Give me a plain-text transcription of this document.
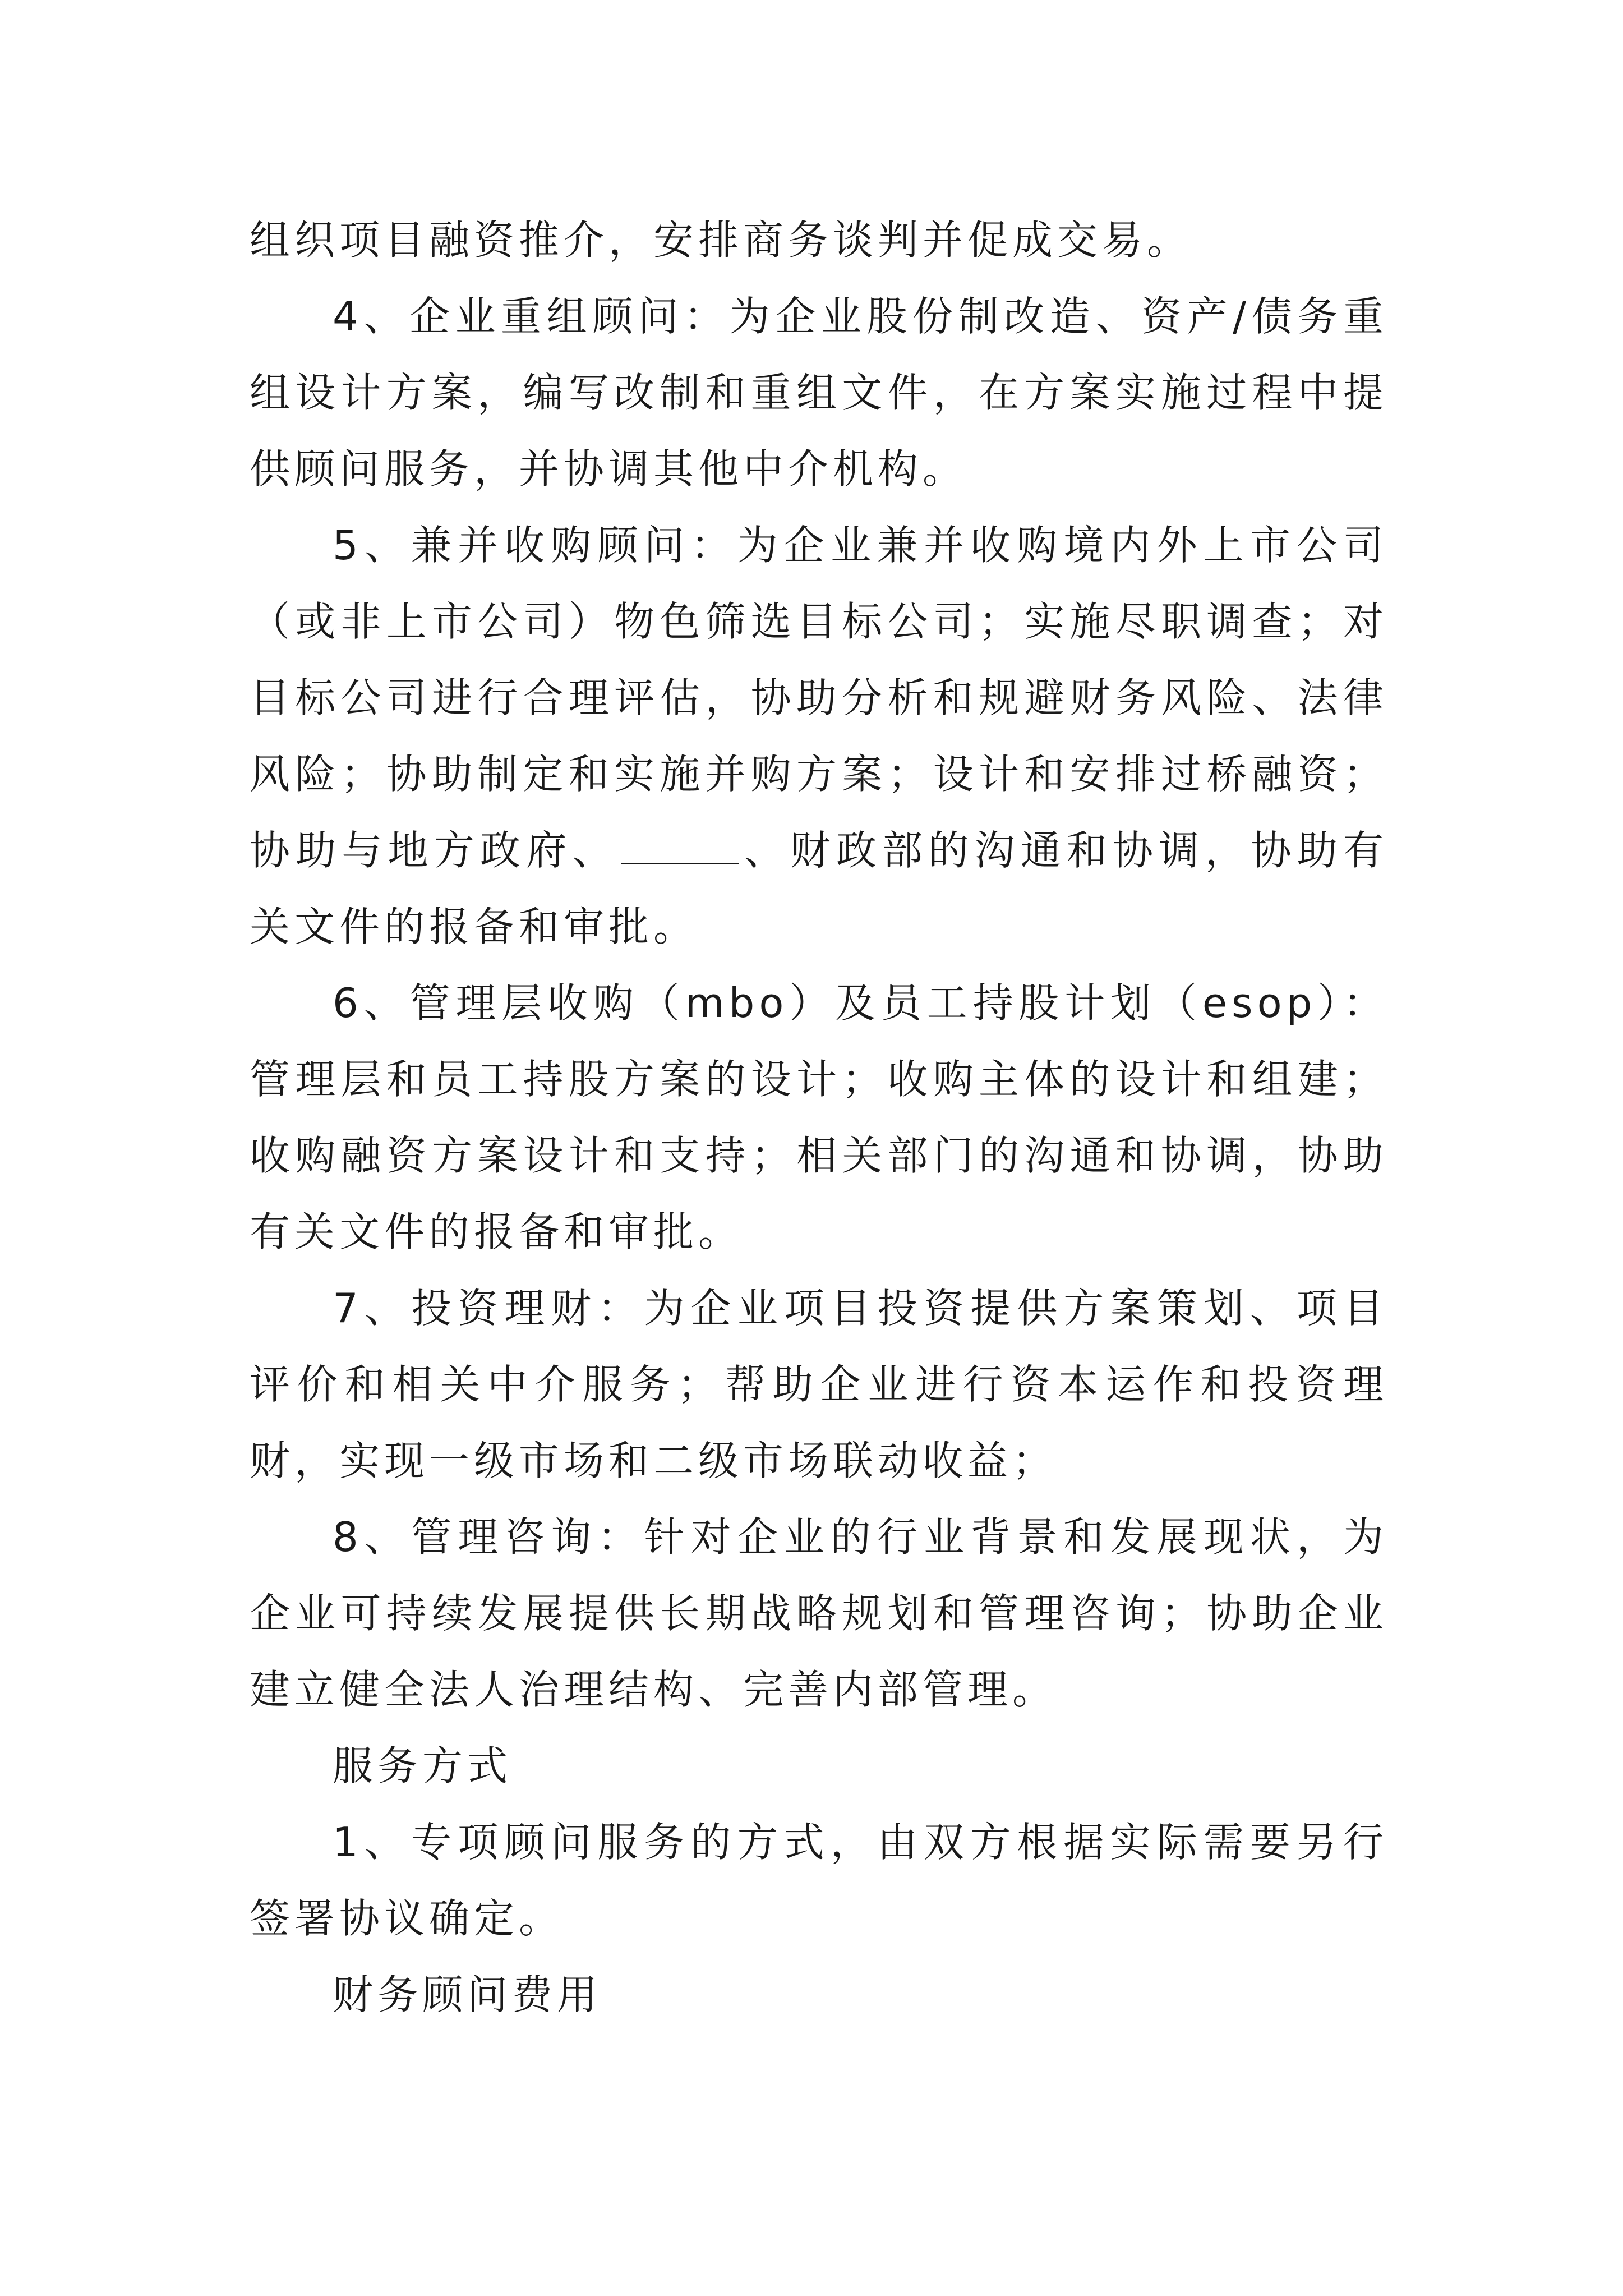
组织项目融资推介，安排商务谈判并促成交易。

4、企业重组顾问：为企业股份制改造、资产/债务重组设计方案，编写改制和重组文件，在方案实施过程中提供顾问服务，并协调其他中介机构。

5、兼并收购顾问：为企业兼并收购境内外上市公司（或非上市公司）物色筛选目标公司；实施尽职调查；对目标公司进行合理评估，协助分析和规避财务风险、法律风险；协助制定和实施并购方案；设计和安排过桥融资；协助与地方政府、	、财政部的沟通和协调，协助有关文件的报备和审批。

6、管理层收购（mbo）及员工持股计划（esop）：管理层和员工持股方案的设计；收购主体的设计和组建；收购融资方案设计和支持；相关部门的沟通和协调，协助有关文件的报备和审批。

7、投资理财：为企业项目投资提供方案策划、项目评价和相关中介服务；帮助企业进行资本运作和投资理财，实现一级市场和二级市场联动收益；

8、管理咨询：针对企业的行业背景和发展现状，为企业可持续发展提供长期战略规划和管理咨询；协助企业建立健全法人治理结构、完善内部管理。

服务方式

1、专项顾问服务的方式，由双方根据实际需要另行签署协议确定。

财务顾问费用
